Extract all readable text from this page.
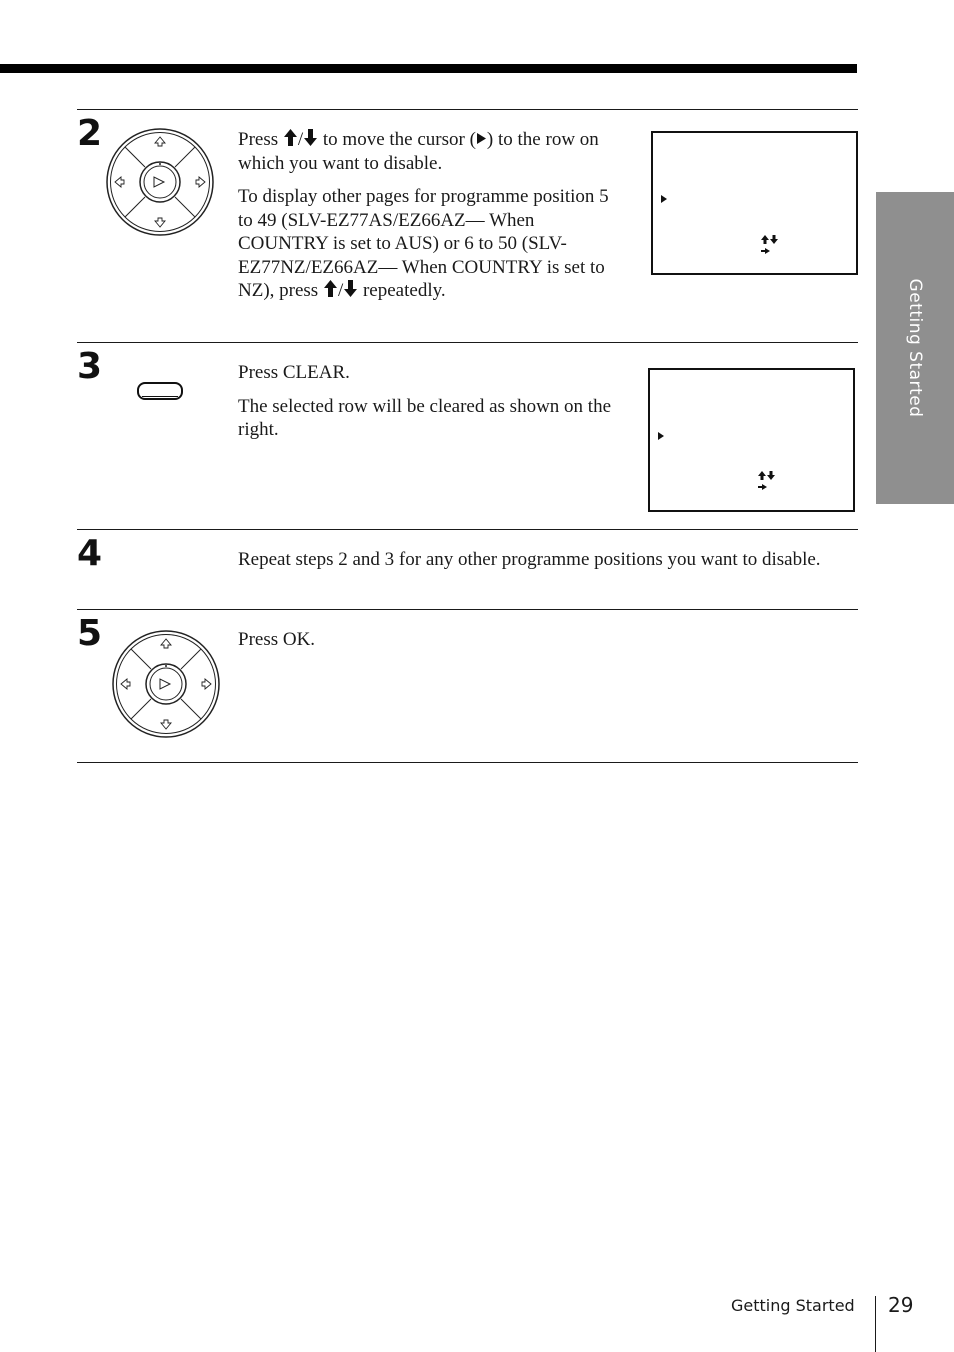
2	Press / to move the cursor ( ) to the row on which you want to disable.

To display other pages for programme position 5 to 49 (SLV-EZ77AS/EZ66AZ— When COUNTRY is set to AUS) or 6 to 50 (SLV-EZ77NZ/EZ66AZ— When COUNTRY is set to NZ), press / repeatedly.

3	Press CLEAR.

The selected row will be cleared as shown on the right.

4	Repeat steps 2 and 3 for any other programme positions you want to disable.

5	Press OK.

Getting Started
Getting Started 29
